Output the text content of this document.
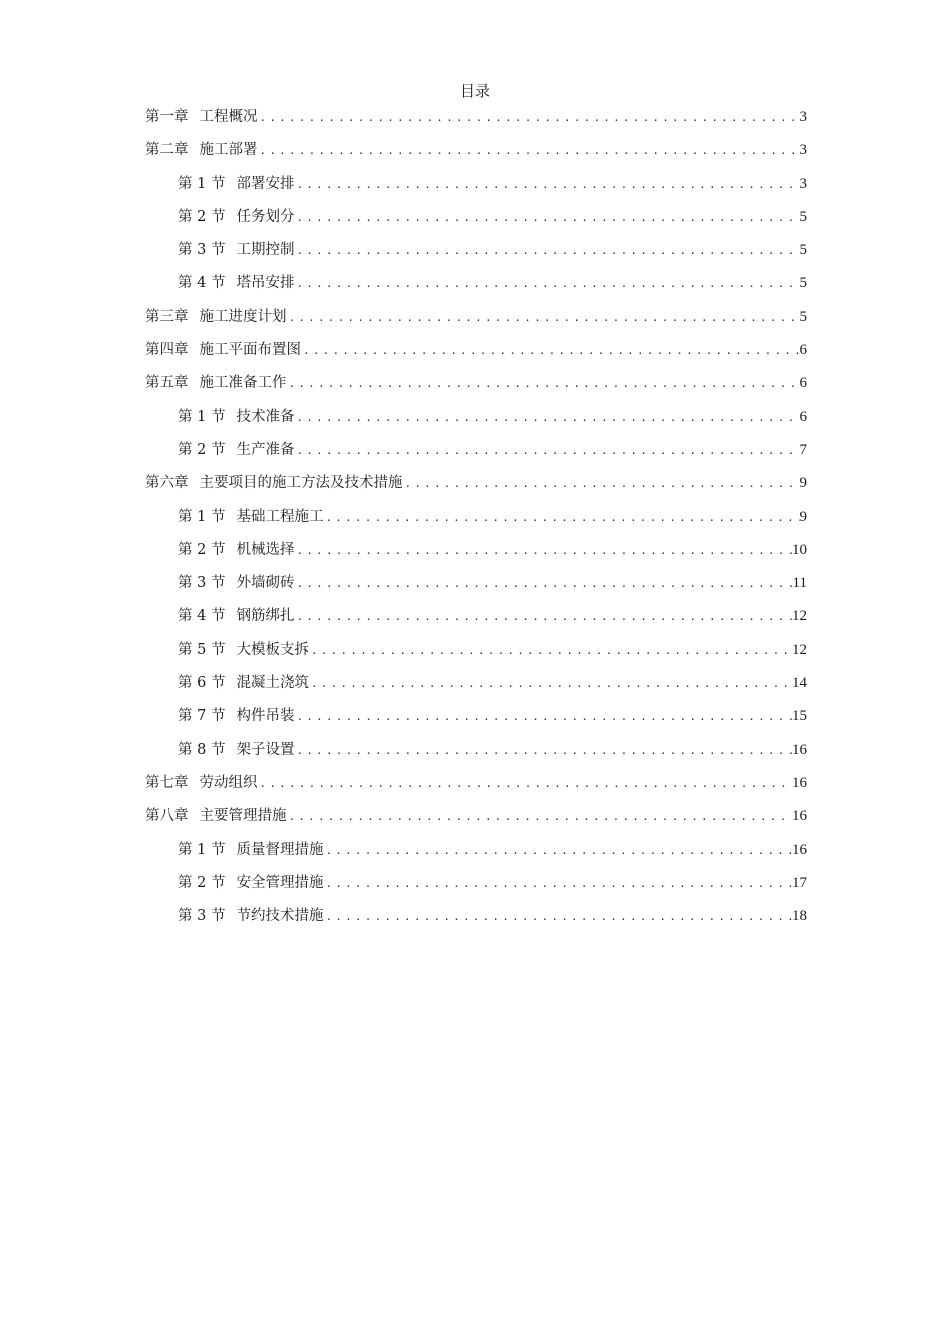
目录
第一章 工程概况 .....	3
第二章 施工部署 .....	3
第 1 节 部署安排 .....	3
第 2 节 任务划分 .....	5
第 3 节 工期控制 .....	5
第 4 节 塔吊安排 .....	5
第三章 施工进度计划 .....	5
第四章 施工平面布置图 .....	6
第五章 施工准备工作 .....	6
第 1 节 技术准备 .....	6
第 2 节 生产准备 .....	7
第六章 主要项目的施工方法及技术措施 .....	9
第 1 节 基础工程施工 .....	9
第 2 节 机械选择 .....	10
第 3 节 外墙砌砖 .....	11
第 4 节 钢筋绑扎 .....	12
第 5 节 大模板支拆 .....	12
第 6 节 混凝土浇筑 .....	14
第 7 节 构件吊装 .....	15
第 8 节 架子设置 .....	16
第七章 劳动组织 .....	16
第八章 主要管理措施 .....	16
第 1 节 质量督理措施 .....	16
第 2 节 安全管理措施 .....	17
第 3 节 节约技术措施 .....	18
